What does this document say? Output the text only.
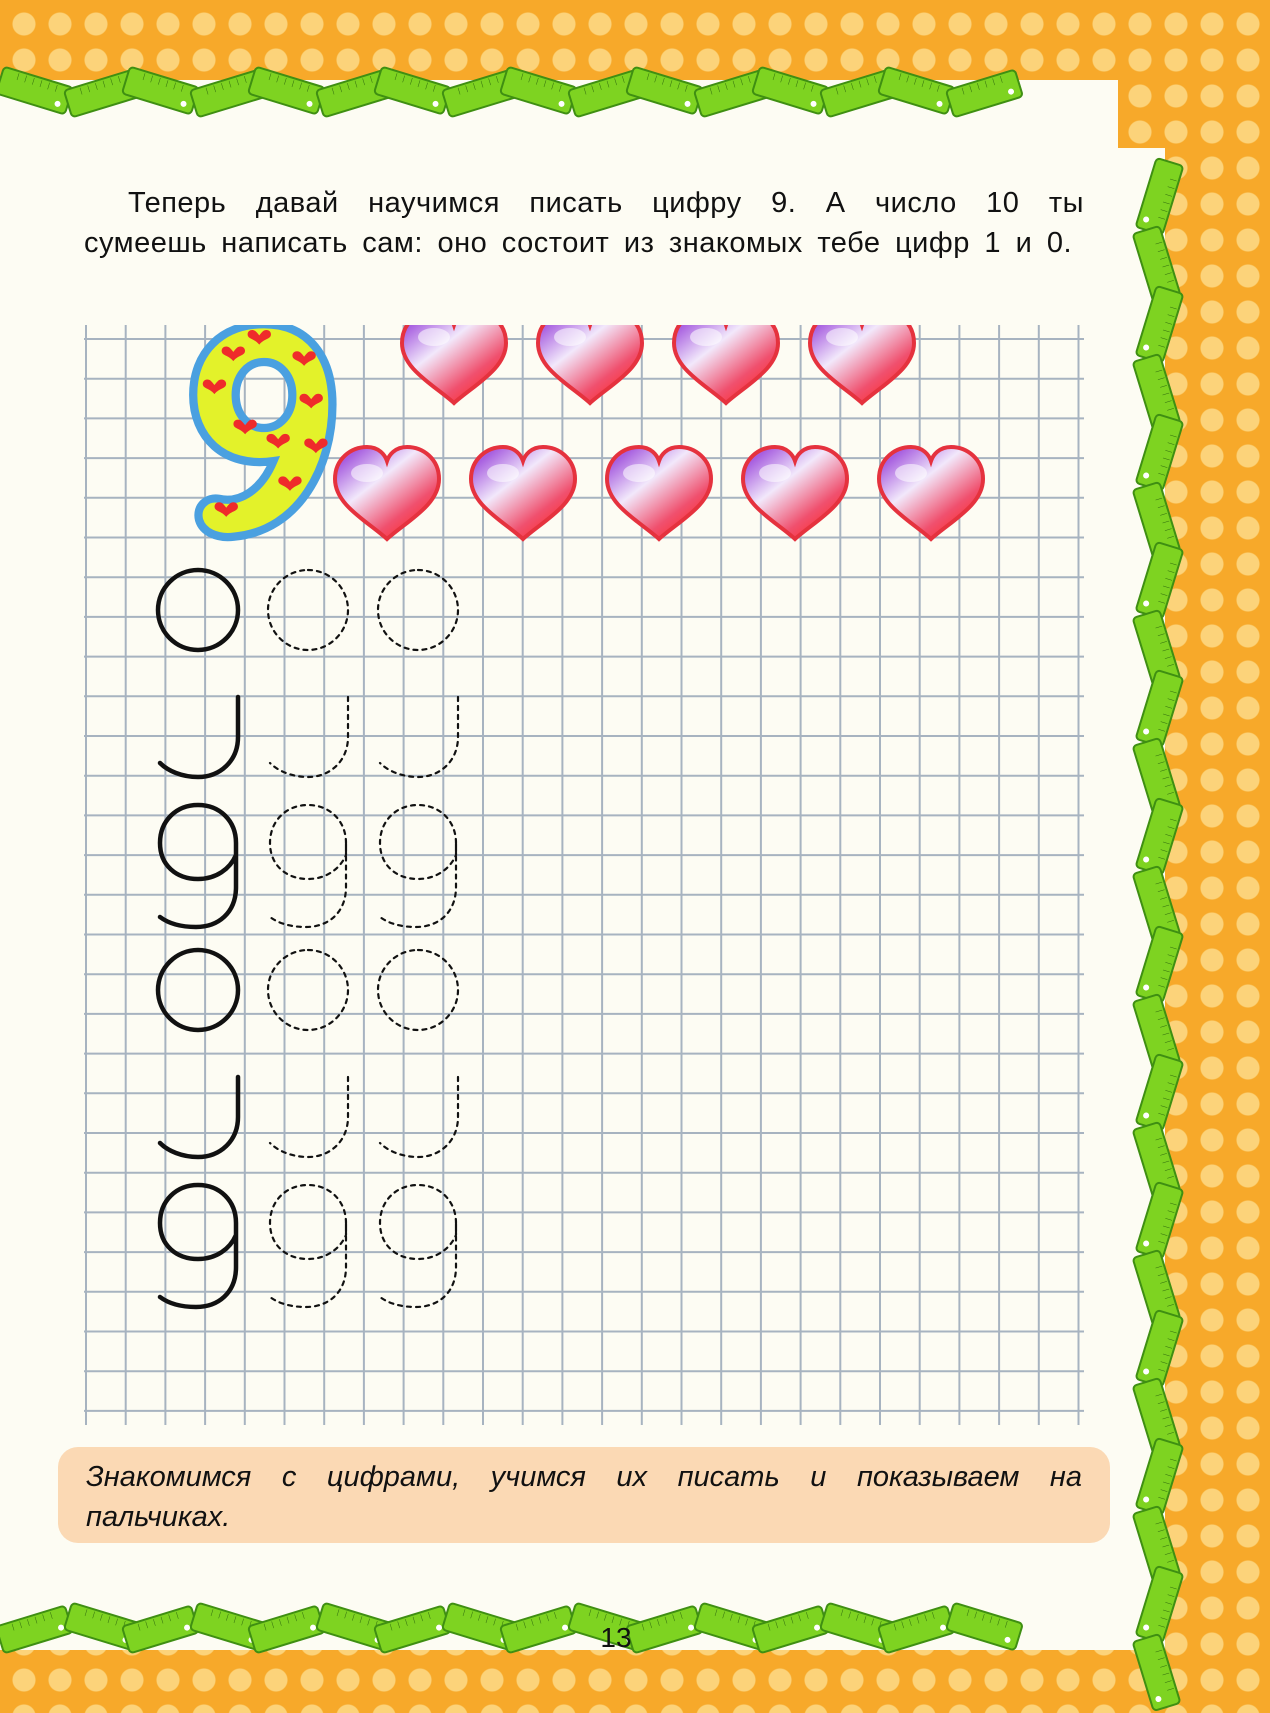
Теперь давай научимся писать цифру 9. А число 10 ты сумеешь написать сам: оно состоит из знакомых тебе цифр 1 и 0.

Знакомимся с цифрами, учимся их писать и показываем на пальчиках.

13
